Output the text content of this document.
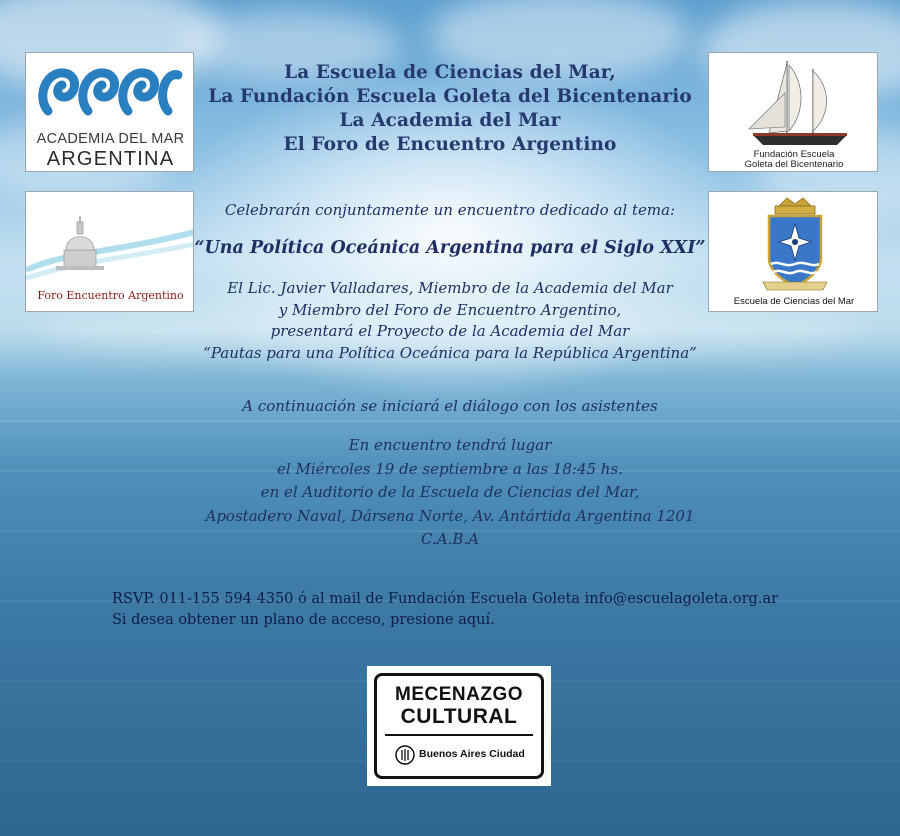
ACADEMIA DEL MAR
ARGENTINA	Fundación Escuela
Goleta del Bicentenario
Foro Encuentro Argentino	Escuela de Ciencias del Mar
La Escuela de Ciencias del Mar,
La Fundación Escuela Goleta del Bicentenario
La Academia del Mar
El Foro de Encuentro Argentino
Celebrarán conjuntamente un encuentro dedicado al tema:
“Una Política Oceánica Argentina para el Siglo XXI”
El Lic. Javier Valladares, Miembro de la Academia del Mar
y Miembro del Foro de Encuentro Argentino,
presentará el Proyecto de la Academia del Mar
“Pautas para una Política Oceánica para la República Argentina”
A continuación se iniciará el diálogo con los asistentes
En encuentro tendrá lugar
el Miércoles 19 de septiembre a las 18:45 hs.
en el Auditorio de la Escuela de Ciencias del Mar,
Apostadero Naval, Dársena Norte, Av. Antártida Argentina 1201
C.A.B.A
RSVP. 011-155 594 4350 ó al mail de Fundación Escuela Goleta info@escuelagoleta.org.ar
Si desea obtener un plano de acceso, presione aquí.
MECENAZGO
CULTURAL
Buenos Aires Ciudad
